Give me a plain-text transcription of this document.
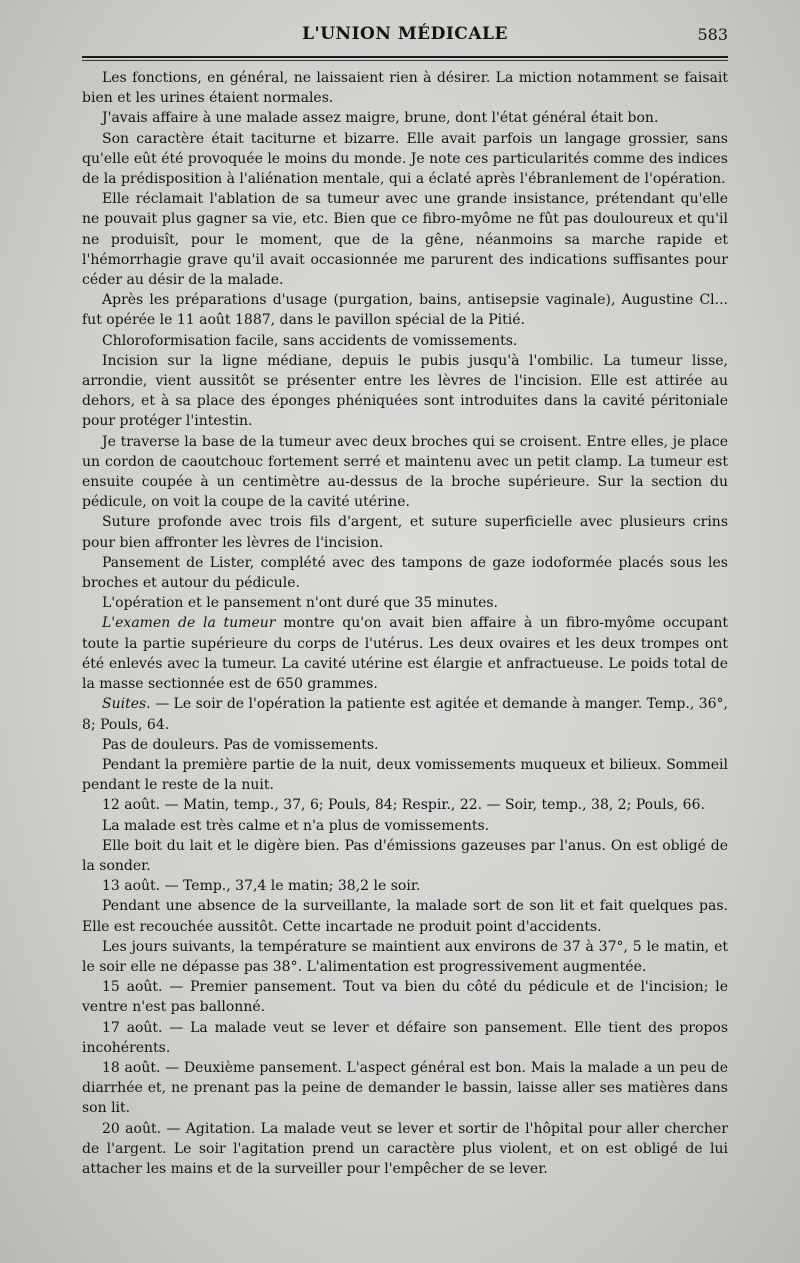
L'UNION MÉDICALE	583

Les fonctions, en général, ne laissaient rien à désirer. La miction notamment se faisait bien et les urines étaient normales.

J'avais affaire à une malade assez maigre, brune, dont l'état général était bon.

Son caractère était taciturne et bizarre. Elle avait parfois un langage grossier, sans qu'elle eût été provoquée le moins du monde. Je note ces particularités comme des indices de la prédisposition à l'aliénation mentale, qui a éclaté après l'ébranlement de l'opération.

Elle réclamait l'ablation de sa tumeur avec une grande insistance, prétendant qu'elle ne pouvait plus gagner sa vie, etc. Bien que ce fibro-myôme ne fût pas douloureux et qu'il ne produisît, pour le moment, que de la gêne, néanmoins sa marche rapide et l'hémorrhagie grave qu'il avait occasionnée me parurent des indications suffisantes pour céder au désir de la malade.

Après les préparations d'usage (purgation, bains, antisepsie vaginale), Augustine Cl... fut opérée le 11 août 1887, dans le pavillon spécial de la Pitié.

Chloroformisation facile, sans accidents de vomissements.

Incision sur la ligne médiane, depuis le pubis jusqu'à l'ombilic. La tumeur lisse, arrondie, vient aussitôt se présenter entre les lèvres de l'incision. Elle est attirée au dehors, et à sa place des éponges phéniquées sont introduites dans la cavité péritoniale pour protéger l'intestin.

Je traverse la base de la tumeur avec deux broches qui se croisent. Entre elles, je place un cordon de caoutchouc fortement serré et maintenu avec un petit clamp. La tumeur est ensuite coupée à un centimètre au-dessus de la broche supérieure. Sur la section du pédicule, on voit la coupe de la cavité utérine.

Suture profonde avec trois fils d'argent, et suture superficielle avec plusieurs crins pour bien affronter les lèvres de l'incision.

Pansement de Lister, complété avec des tampons de gaze iodoformée placés sous les broches et autour du pédicule.

L'opération et le pansement n'ont duré que 35 minutes.

L'examen de la tumeur montre qu'on avait bien affaire à un fibro-myôme occupant toute la partie supérieure du corps de l'utérus. Les deux ovaires et les deux trompes ont été enlevés avec la tumeur. La cavité utérine est élargie et anfractueuse. Le poids total de la masse sectionnée est de 650 grammes.

Suites. — Le soir de l'opération la patiente est agitée et demande à manger. Temp., 36°, 8; Pouls, 64.

Pas de douleurs. Pas de vomissements.

Pendant la première partie de la nuit, deux vomissements muqueux et bilieux. Sommeil pendant le reste de la nuit.

12 août. — Matin, temp., 37, 6; Pouls, 84; Respir., 22. — Soir, temp., 38, 2; Pouls, 66.

La malade est très calme et n'a plus de vomissements.

Elle boit du lait et le digère bien. Pas d'émissions gazeuses par l'anus. On est obligé de la sonder.

13 août. — Temp., 37,4 le matin; 38,2 le soir.

Pendant une absence de la surveillante, la malade sort de son lit et fait quelques pas. Elle est recouchée aussitôt. Cette incartade ne produit point d'accidents.

Les jours suivants, la température se maintient aux environs de 37 à 37°, 5 le matin, et le soir elle ne dépasse pas 38°. L'alimentation est progressivement augmentée.

15 août. — Premier pansement. Tout va bien du côté du pédicule et de l'incision; le ventre n'est pas ballonné.

17 août. — La malade veut se lever et défaire son pansement. Elle tient des propos incohérents.

18 août. — Deuxième pansement. L'aspect général est bon. Mais la malade a un peu de diarrhée et, ne prenant pas la peine de demander le bassin, laisse aller ses matières dans son lit.

20 août. — Agitation. La malade veut se lever et sortir de l'hôpital pour aller chercher de l'argent. Le soir l'agitation prend un caractère plus violent, et on est obligé de lui attacher les mains et de la surveiller pour l'empêcher de se lever.
